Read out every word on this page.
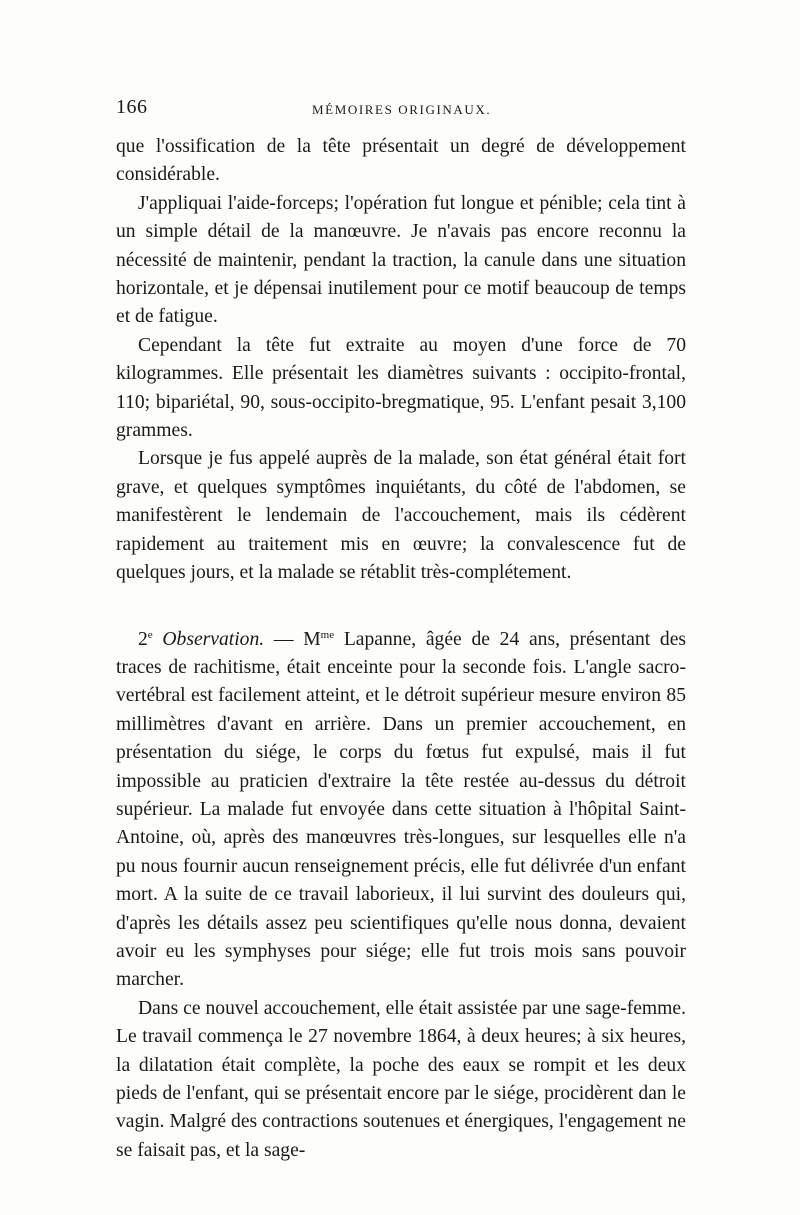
166	MÉMOIRES ORIGINAUX.

que l'ossification de la tête présentait un degré de développement considérable.

J'appliquai l'aide-forceps; l'opération fut longue et pénible; cela tint à un simple détail de la manœuvre. Je n'avais pas encore reconnu la nécessité de maintenir, pendant la traction, la canule dans une situation horizontale, et je dépensai inutilement pour ce motif beaucoup de temps et de fatigue.

Cependant la tête fut extraite au moyen d'une force de 70 kilogrammes. Elle présentait les diamètres suivants : occipito-frontal, 110; bipariétal, 90, sous-occipito-bregmatique, 95. L'enfant pesait 3,100 grammes.

Lorsque je fus appelé auprès de la malade, son état général était fort grave, et quelques symptômes inquiétants, du côté de l'abdomen, se manifestèrent le lendemain de l'accouchement, mais ils cédèrent rapidement au traitement mis en œuvre; la convalescence fut de quelques jours, et la malade se rétablit très-complétement.

2e Observation. — $M^{me}$ Lapanne, âgée de 24 ans, présentant des traces de rachitisme, était enceinte pour la seconde fois. L'angle sacro-vertébral est facilement atteint, et le détroit supérieur mesure environ 85 millimètres d'avant en arrière. Dans un premier accouchement, en présentation du siége, le corps du fœtus fut expulsé, mais il fut impossible au praticien d'extraire la tête restée au-dessus du détroit supérieur. La malade fut envoyée dans cette situation à l'hôpital Saint-Antoine, où, après des manœuvres très-longues, sur lesquelles elle n'a pu nous fournir aucun renseignement précis, elle fut délivrée d'un enfant mort. A la suite de ce travail laborieux, il lui survint des douleurs qui, d'après les détails assez peu scientifiques qu'elle nous donna, devaient avoir eu les symphyses pour siége; elle fut trois mois sans pouvoir marcher.

Dans ce nouvel accouchement, elle était assistée par une sage-femme. Le travail commença le 27 novembre 1864, à deux heures; à six heures, la dilatation était complète, la poche des eaux se rompit et les deux pieds de l'enfant, qui se présentait encore par le siége, procidèrent dan le vagin. Malgré des contractions soutenues et énergiques, l'engagement ne se faisait pas, et la sage-
